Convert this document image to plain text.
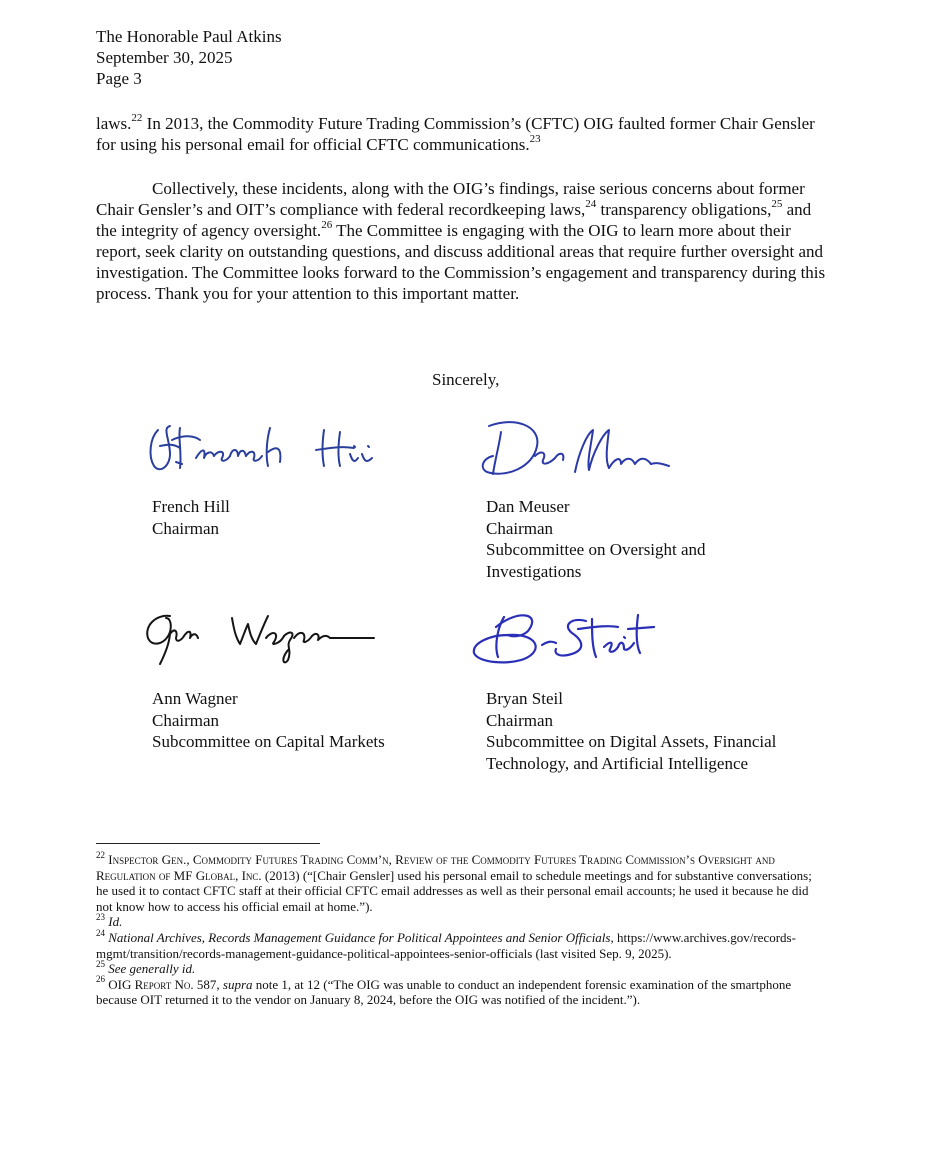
The Honorable Paul Atkins
September 30, 2025
Page 3
laws.$^{22}$ In 2013, the Commodity Future Trading Commission’s (CFTC) OIG faulted former Chair Gensler for using his personal email for official CFTC communications.$^{23}$
Collectively, these incidents, along with the OIG’s findings, raise serious concerns about former Chair Gensler’s and OIT’s compliance with federal recordkeeping laws,$^{24}$ transparency obligations,$^{25}$ and the integrity of agency oversight.$^{26}$ The Committee is engaging with the OIG to learn more about their report, seek clarity on outstanding questions, and discuss additional areas that require further oversight and investigation. The Committee looks forward to the Commission’s engagement and transparency during this process. Thank you for your attention to this important matter.
Sincerely,
French Hill
Chairman
Dan Meuser
Chairman
Subcommittee on Oversight and
Investigations
Ann Wagner
Chairman
Subcommittee on Capital Markets
Bryan Steil
Chairman
Subcommittee on Digital Assets, Financial
Technology, and Artificial Intelligence

$^{22}$ Inspector Gen., Commodity Futures Trading Comm’n, Review of the Commodity Futures Trading Commission’s Oversight and Regulation of MF Global, Inc. (2013) (“[Chair Gensler] used his personal email to schedule meetings and for substantive conversations; he used it to contact CFTC staff at their official CFTC email addresses as well as their personal email accounts; he used it because he did not know how to access his official email at home.”).

$^{23}$ Id.

$^{24}$ National Archives, Records Management Guidance for Political Appointees and Senior Officials, https://www.archives.gov/records-mgmt/transition/records-management-guidance-political-appointees-senior-officials (last visited Sep. 9, 2025).

$^{25}$ See generally id.

$^{26}$ OIG Report No. 587, supra note 1, at 12 (“The OIG was unable to conduct an independent forensic examination of the smartphone because OIT returned it to the vendor on January 8, 2024, before the OIG was notified of the incident.”).
